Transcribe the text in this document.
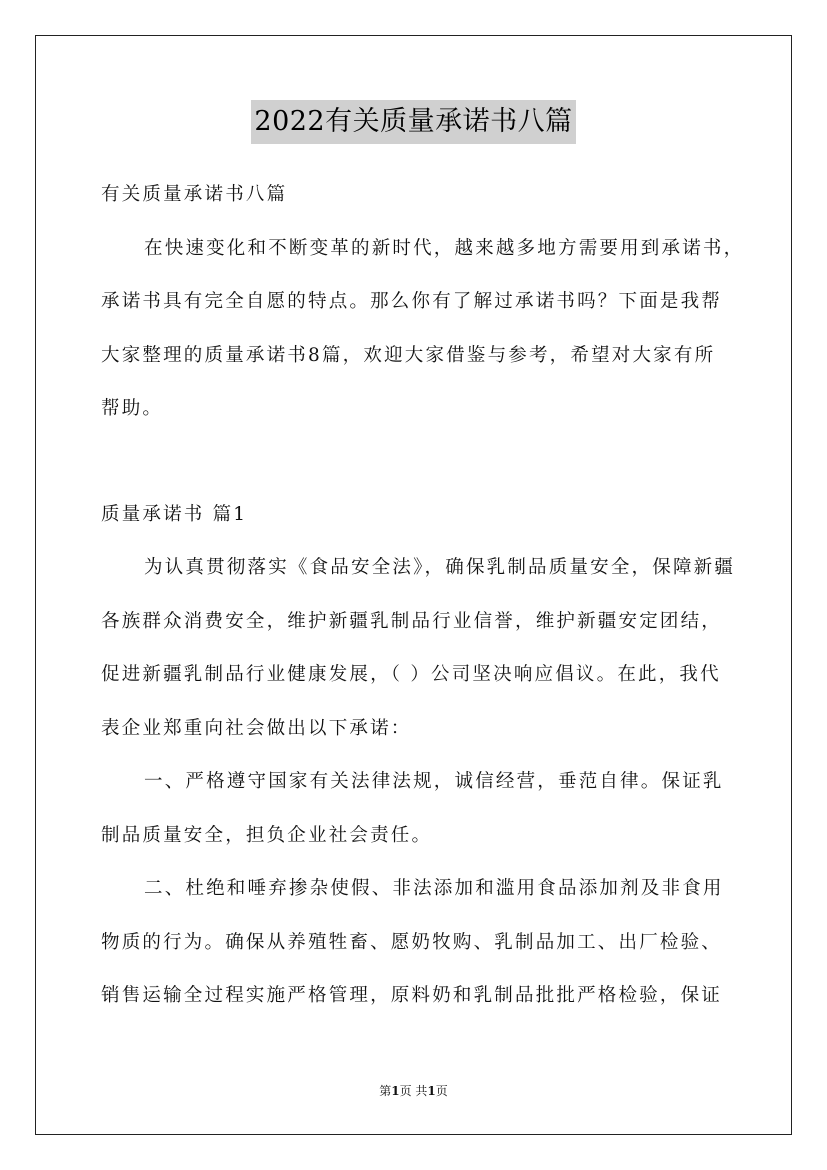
2022有关质量承诺书八篇

有关质量承诺书八篇

在快速变化和不断变革的新时代，越来越多地方需要用到承诺书，

承诺书具有完全自愿的特点。那么你有了解过承诺书吗？下面是我帮

大家整理的质量承诺书8篇，欢迎大家借鉴与参考，希望对大家有所

帮助。

质量承诺书 篇1

为认真贯彻落实《食品安全法》，确保乳制品质量安全，保障新疆

各族群众消费安全，维护新疆乳制品行业信誉，维护新疆安定团结，

促进新疆乳制品行业健康发展，（ ）公司坚决响应倡议。在此，我代

表企业郑重向社会做出以下承诺：

一、严格遵守国家有关法律法规，诚信经营，垂范自律。保证乳

制品质量安全，担负企业社会责任。

二、杜绝和唾弃掺杂使假、非法添加和滥用食品添加剂及非食用

物质的行为。确保从养殖牲畜、愿奶牧购、乳制品加工、出厂检验、

销售运输全过程实施严格管理，原料奶和乳制品批批严格检验，保证

第1页 共1页
